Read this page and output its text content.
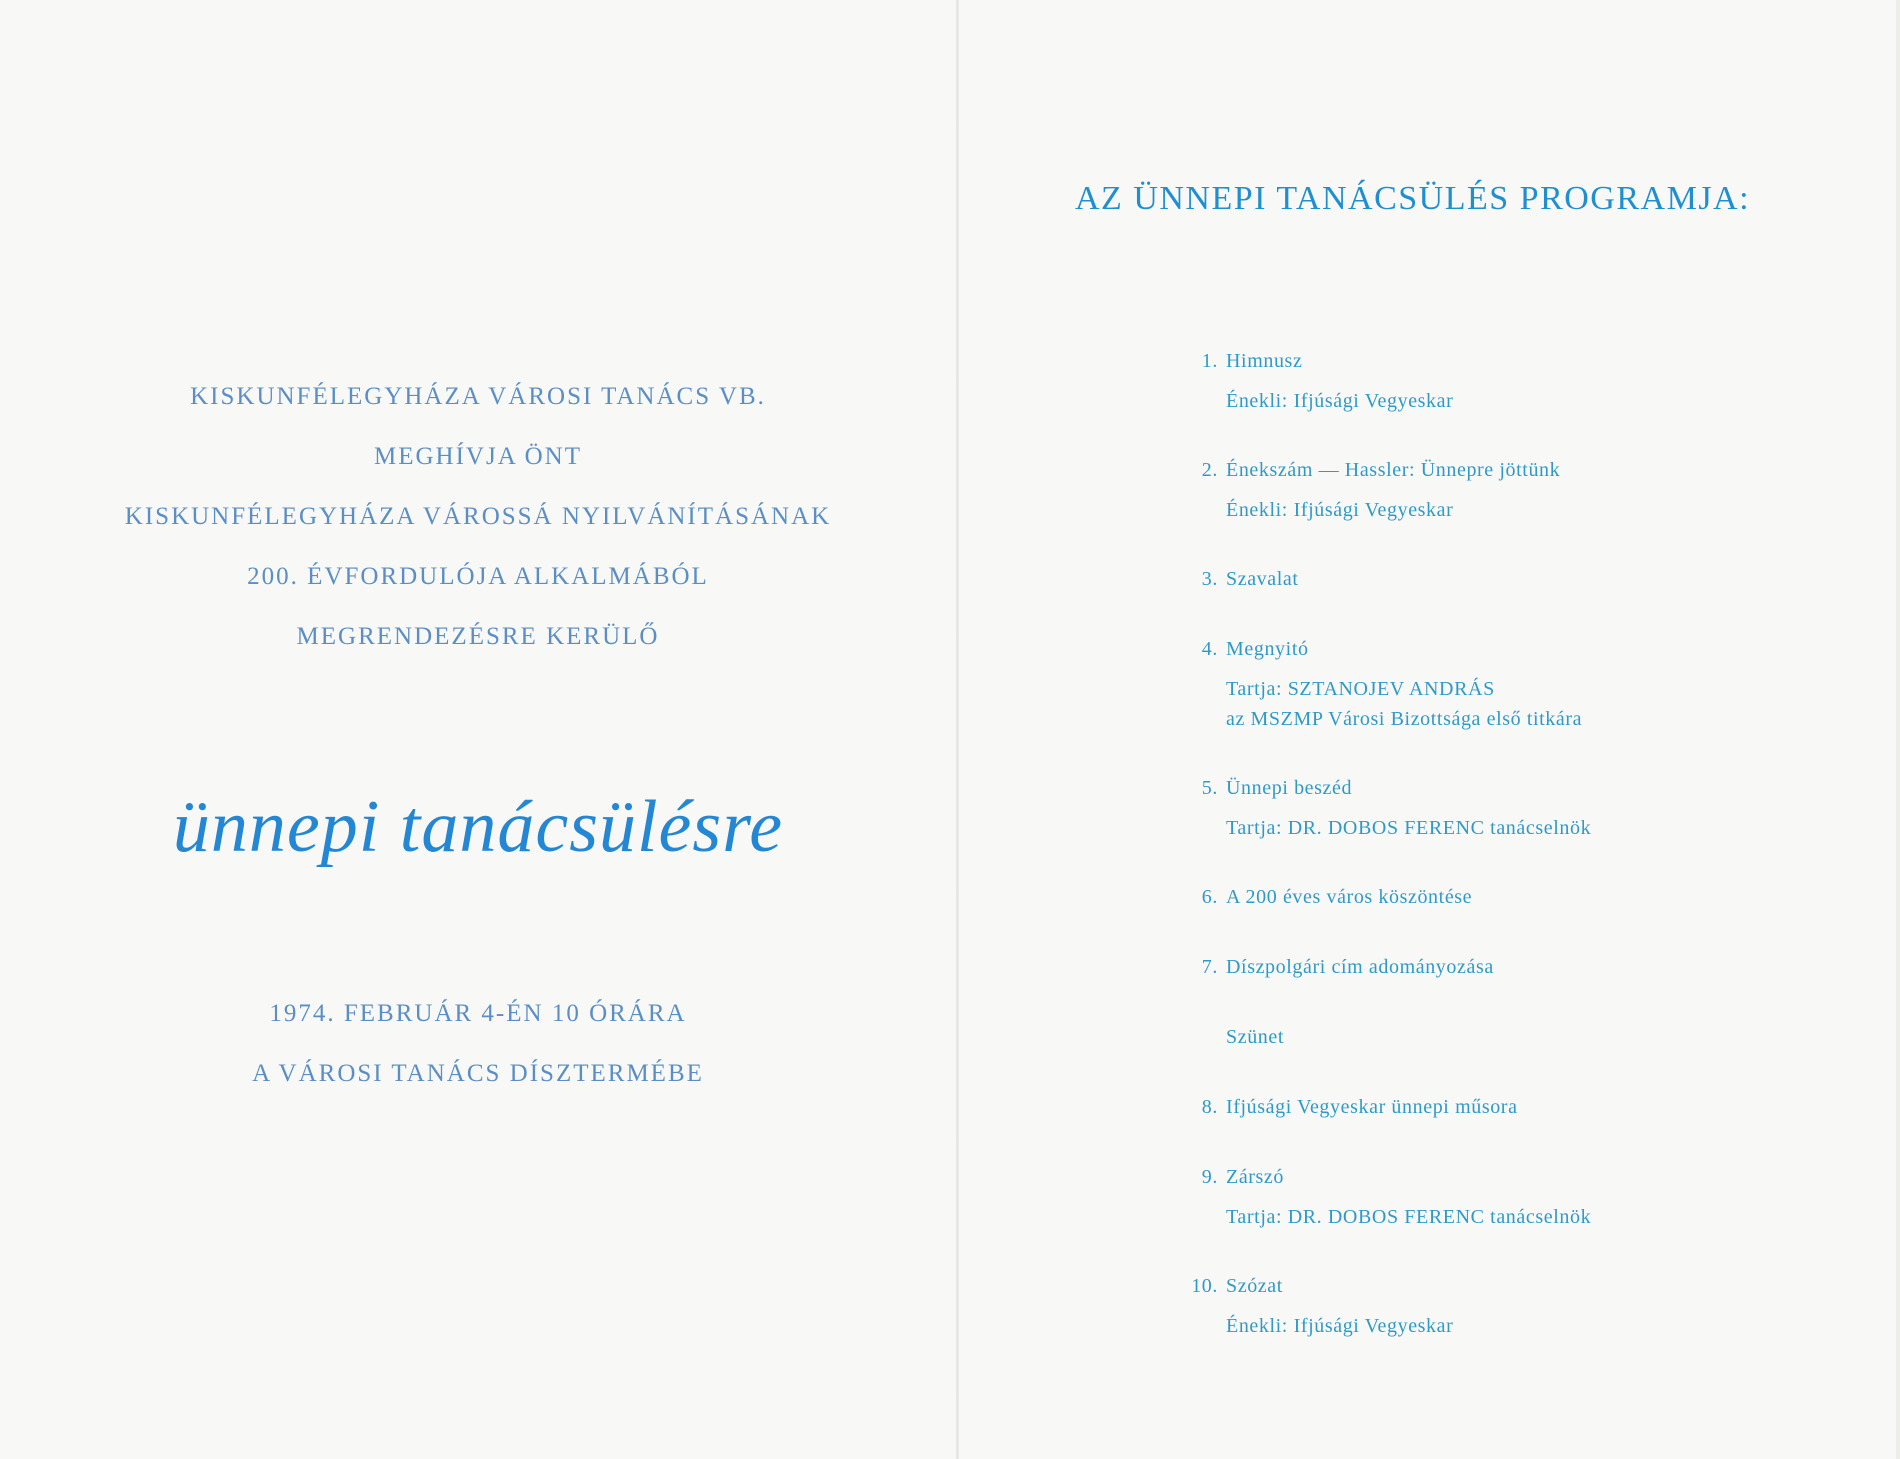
KISKUNFÉLEGYHÁZA VÁROSI TANÁCS VB.
MEGHÍVJA ÖNT
KISKUNFÉLEGYHÁZA VÁROSSÁ NYILVÁNÍTÁSÁNAK
200. ÉVFORDULÓJA ALKALMÁBÓL
MEGRENDEZÉSRE KERÜLŐ
ünnepi tanácsülésre
1974. FEBRUÁR 4-ÉN 10 ÓRÁRA
A VÁROSI TANÁCS DÍSZTERMÉBE
AZ ÜNNEPI TANÁCSÜLÉS PROGRAMJA:
1. Himnusz
Énekli: Ifjúsági Vegyeskar
2. Énekszám — Hassler: Ünnepre jöttünk
Énekli: Ifjúsági Vegyeskar
3. Szavalat
4. Megnyitó
Tartja: SZTANOJEV ANDRÁS
az MSZMP Városi Bizottsága első titkára
5. Ünnepi beszéd
Tartja: DR. DOBOS FERENC tanácselnök
6. A 200 éves város köszöntése
7. Díszpolgári cím adományozása
Szünet
8. Ifjúsági Vegyeskar ünnepi műsora
9. Zárszó
Tartja: DR. DOBOS FERENC tanácselnök
10. Szózat
Énekli: Ifjúsági Vegyeskar
